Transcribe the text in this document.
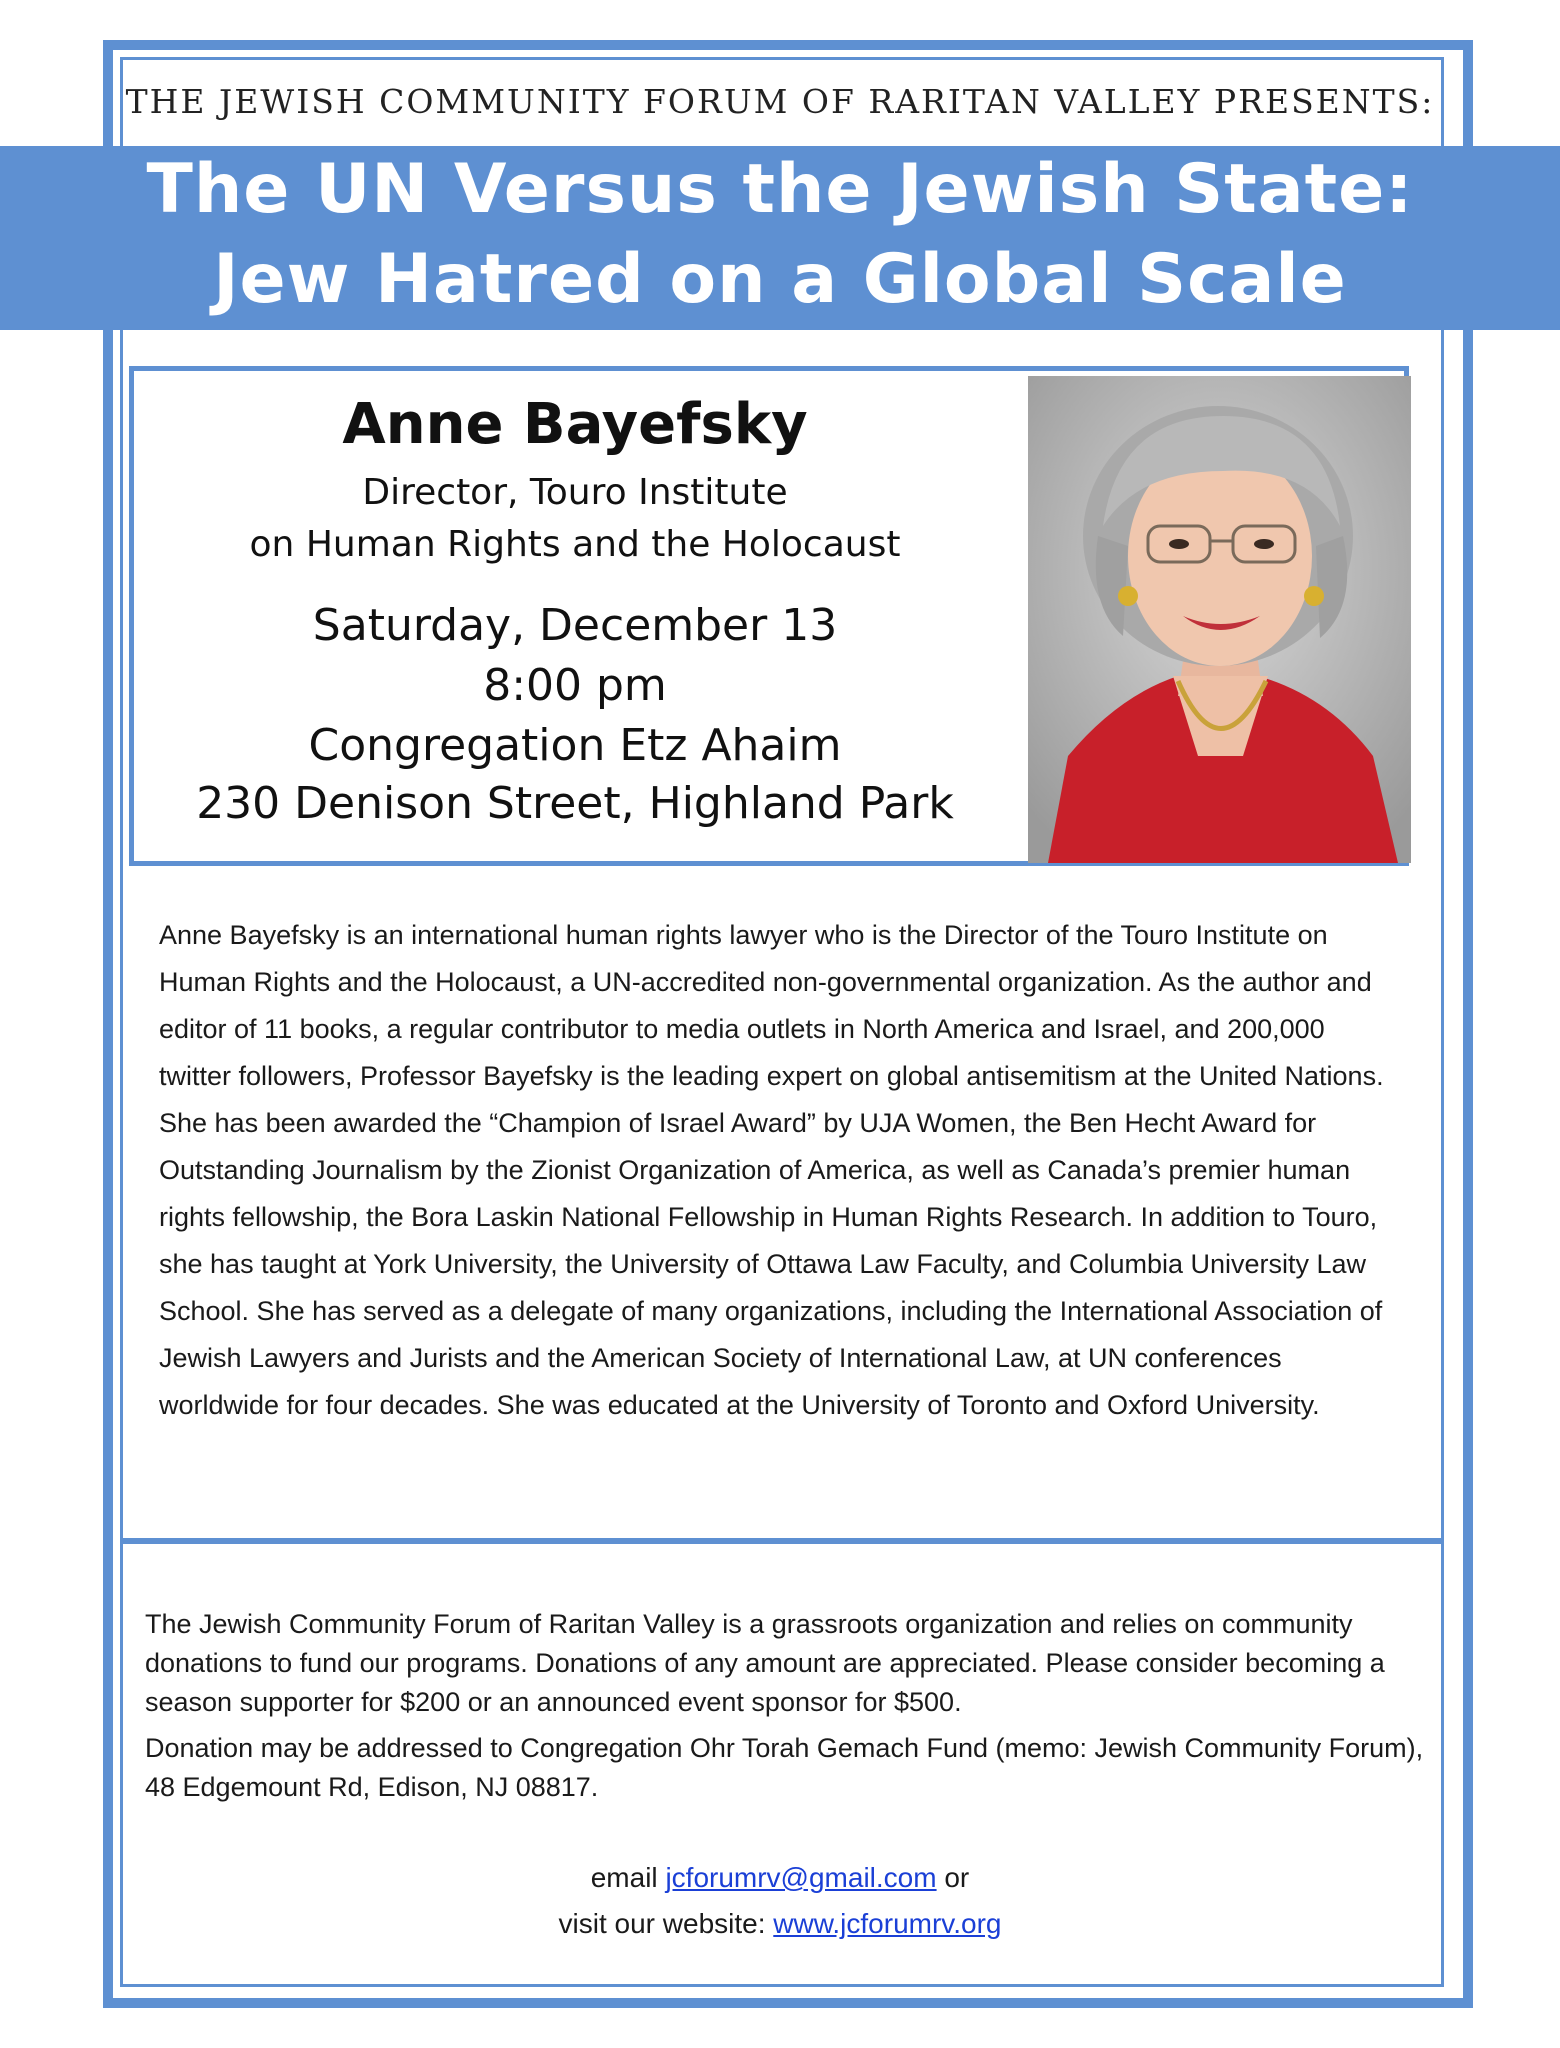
THE JEWISH COMMUNITY FORUM OF RARITAN VALLEY PRESENTS:
The UN Versus the Jewish State:
Jew Hatred on a Global Scale
Anne Bayefsky
Director, Touro Institute
on Human Rights and the Holocaust
Saturday, December 13
8:00 pm
Congregation Etz Ahaim
230 Denison Street, Highland Park

Anne Bayefsky is an international human rights lawyer who is the Director of the Touro Institute on Human Rights and the Holocaust, a UN-accredited non-governmental organization. As the author and editor of 11 books, a regular contributor to media outlets in North America and Israel, and 200,000 twitter followers, Professor Bayefsky is the leading expert on global antisemitism at the United Nations. She has been awarded the “Champion of Israel Award” by UJA Women, the Ben Hecht Award for Outstanding Journalism by the Zionist Organization of America, as well as Canada’s premier human rights fellowship, the Bora Laskin National Fellowship in Human Rights Research. In addition to Touro, she has taught at York University, the University of Ottawa Law Faculty, and Columbia University Law School. She has served as a delegate of many organizations, including the International Association of Jewish Lawyers and Jurists and the American Society of International Law, at UN conferences worldwide for four decades. She was educated at the University of Toronto and Oxford University.

The Jewish Community Forum of Raritan Valley is a grassroots organization and relies on community donations to fund our programs. Donations of any amount are appreciated. Please consider becoming a season supporter for $200 or an announced event sponsor for $500.

Donation may be addressed to Congregation Ohr Torah Gemach Fund (memo: Jewish Community Forum), 48 Edgemount Rd, Edison, NJ 08817.

email jcforumrv@gmail.com or
visit our website: www.jcforumrv.org
